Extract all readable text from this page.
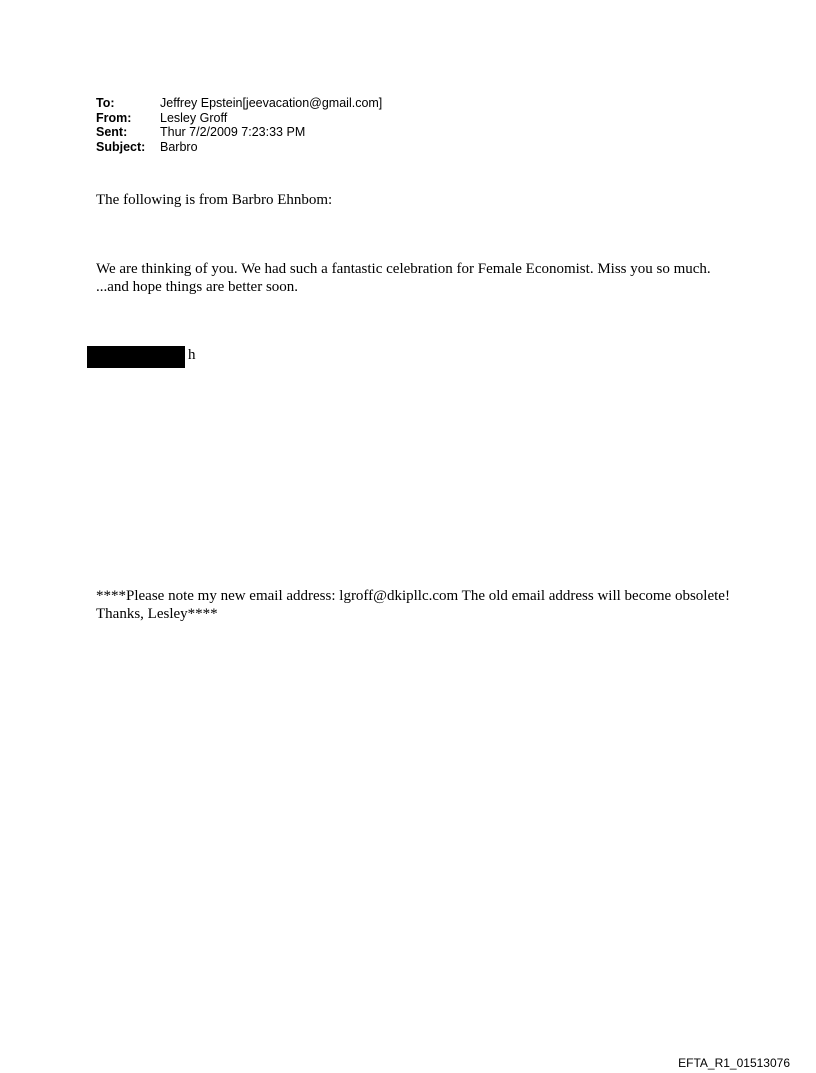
To:	Jeffrey Epstein[jeevacation@gmail.com]
From:	Lesley Groff
Sent:	Thur 7/2/2009 7:23:33 PM
Subject:	Barbro
The following is from Barbro Ehnbom:
We are thinking of you. We had such a fantastic celebration for Female Economist. Miss you so much. ...and hope things are better soon.
h
****Please note my new email address: lgroff@dkipllc.com The old email address will become obsolete! Thanks, Lesley****
EFTA_R1_01513076
